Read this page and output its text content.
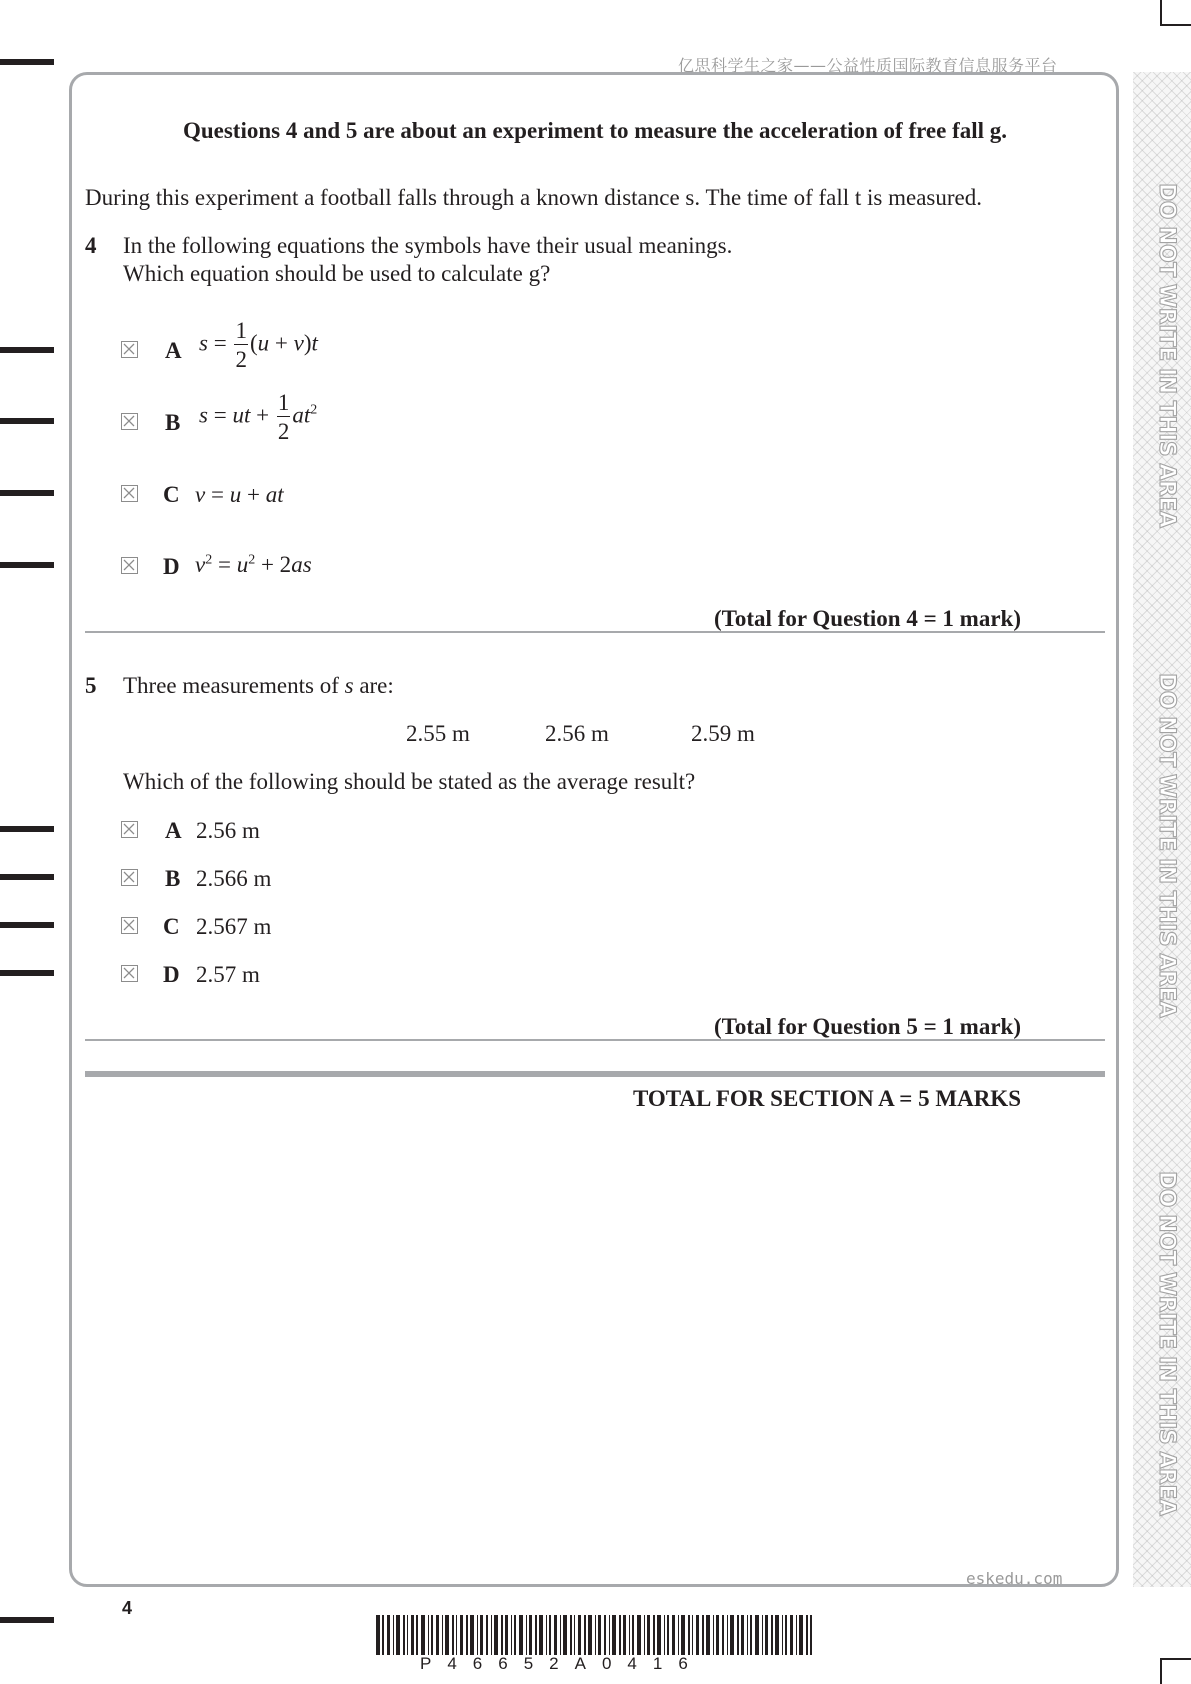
亿思科学生之家——公益性质国际教育信息服务平台
DO NOT WRITE IN THIS AREA
DO NOT WRITE IN THIS AREA
DO NOT WRITE IN THIS AREA
Questions 4 and 5 are about an experiment to measure the acceleration of free fall g.
During this experiment a football falls through a known distance s. The time of fall t is measured.
4 In the following equations the symbols have their usual meanings.
Which equation should be used to calculate g?
A $s = \frac{1}{2} (u + v)t$
B s = ut + $\frac{1}{2} at^2$
C v = u + at
D $v^2 = u^2 + 2as$
(Total for Question 4 = 1 mark)
5 Three measurements of s are:
2.55 m	2.56 m	2.59 m
Which of the following should be stated as the average result?
A 2.56 m
B 2.566 m
C 2.567 m
D 2.57 m
(Total for Question 5 = 1 mark)
TOTAL FOR SECTION A = 5 MARKS
eskedu.com
4
P46652A0416
